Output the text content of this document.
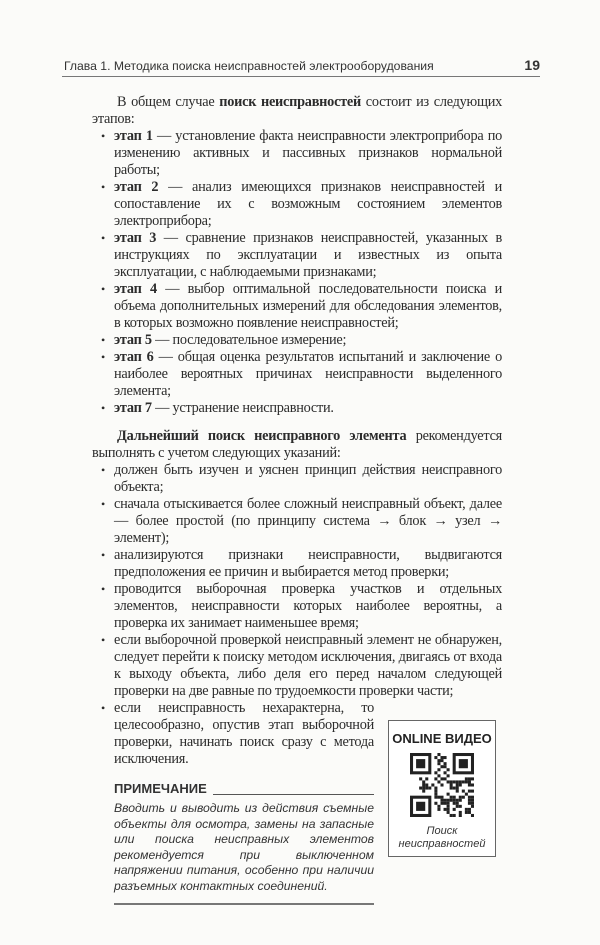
Глава 1. Методика поиска неисправностей электрооборудования	19

В общем случае поиск неисправностей состоит из следующих этапов:

• этап 1 — установление факта неисправности электроприбора по изменению активных и пассивных признаков нормальной работы;
• этап 2 — анализ имеющихся признаков неисправностей и сопоставление их с возможным состоянием элементов электроприбора;
• этап 3 — сравнение признаков неисправностей, указанных в инструкциях по эксплуатации и известных из опыта эксплуатации, с наблюдаемыми признаками;
• этап 4 — выбор оптимальной последовательности поиска и объема дополнительных измерений для обследования элементов, в которых возможно появление неисправностей;
• этап 5 — последовательное измерение;
• этап 6 — общая оценка результатов испытаний и заключение о наиболее вероятных причинах неисправности выделенного элемента;
• этап 7 — устранение неисправности.

Дальнейший поиск неисправного элемента рекомендуется выполнять с учетом следующих указаний:

• должен быть изучен и уяснен принцип действия неисправного объекта;
• сначала отыскивается более сложный неисправный объект, далее — более простой (по принципу система → блок → узел → элемент);
• анализируются признаки неисправности, выдвигаются предположения ее причин и выбирается метод проверки;
• проводится выборочная проверка участков и отдельных элементов, неисправности которых наиболее вероятны, а проверка их занимает наименьшее время;
• если выборочной проверкой неисправный элемент не обнаружен, следует перейти к поиску методом исключения, двигаясь от входа к выходу объекта, либо деля его перед началом следующей проверки на две равные по трудоемкости проверки части;
• если неисправность нехарактерна, то целесообразно, опустив этап выборочной проверки, начинать поиск сразу с метода исключения.
ПРИМЕЧАНИЕ
Вводить и выводить из действия съемные объекты для осмотра, замены на запасные или поиска неисправных элементов рекомендуется при выключенном напряжении питания, особенно при наличии разъемных контактных соединений.
ONLINE ВИДЕО
Поиск
неисправностей
